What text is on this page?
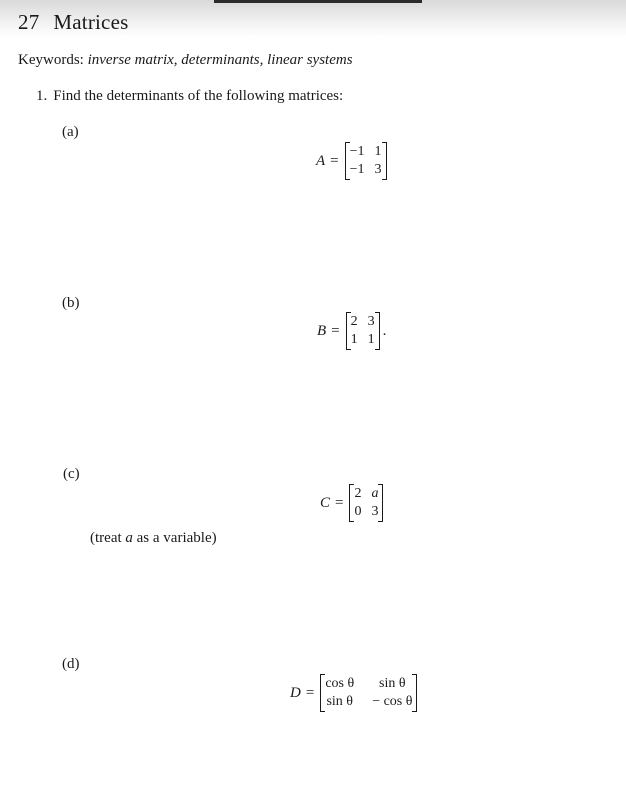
27 Matrices
Keywords: inverse matrix, determinants, linear systems
1. Find the determinants of the following matrices:
(a)
A =
−1 1
−1 3
(b)
B =
2 3
1 1
.
(c)
C =
2 a
0 3
(treat a as a variable)
(d)
D =
cos θ	sin θ
sin θ − cos θ
